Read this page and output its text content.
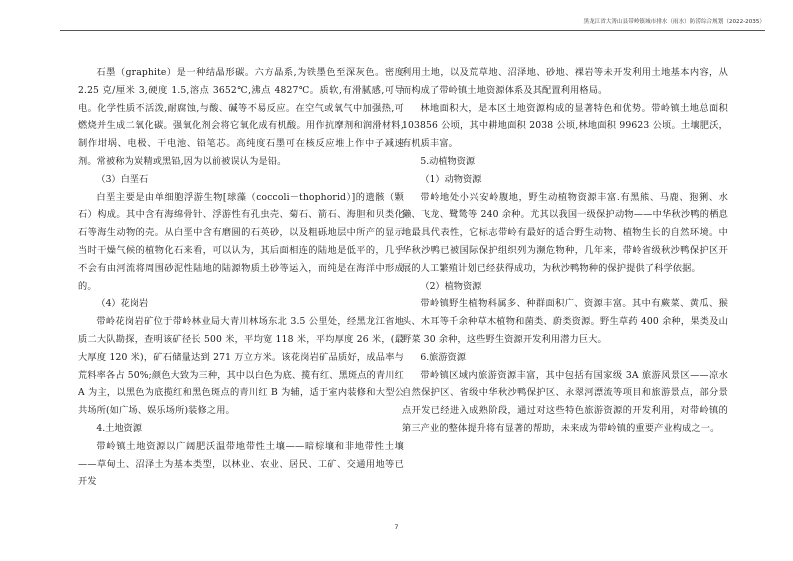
黑龙江省大箐山县带岭镇城市排水（雨水）防涝综合规划（2022-2035）

石墨（graphite）是一种结晶形碳。六方晶系,为铁墨色至深灰色。密度 2.25 克/厘米 3,硬度 1.5,溶点 3652℃,沸点 4827℃。质软,有滑腻感,可导电。化学性质不活泼,耐腐蚀,与酸、碱等不易反应。在空气或氧气中加强热,可燃烧并生成二氧化碳。强氧化剂会将它氧化成有机酸。用作抗摩剂和润滑材料,制作坩埚、电极、干电池、铅笔芯。高纯度石墨可在核反应堆上作中子减速剂。常被称为炭精或黑铅,因为以前被误认为是铅。

（3）白垩石

白垩主要是由单细胞浮游生物[球藻（coccoli－thophorid）]的遗骸（颗石）构成。其中含有海绵骨针、浮游性有孔虫壳、菊石、箭石、海胆和贝类化石等海生动物的壳。从白垩中含有磨圆的石英砂，以及粗砾地层中所产的显示当时干燥气候的植物化石来看，可以认为，其后面相连的陆地是低平的，几乎不会有由河流将周围砂泥性陆地的陆源物质土砂等运入，而纯是在海洋中形成的。

（4）花岗岩

带岭花岗岩矿位于带岭林业局大青川林场东北 3.5 公里处，经黑龙江省地质二大队勘探，查明该矿径长 500 米，平均宽 118 米，平均厚度 26 米，(最大厚度 120 米)，矿石储量达到 271 万立方米。该花岗岩矿品质好，成品率与荒料率各占 50%;颜色大致为三种，其中以白色为底、揽有红、黑斑点的青川红 A 为主，以黑色为底揽红和黑色斑点的青川红 B 为辅，适于室内装修和大型公共场所(如广场、娱乐场所)装修之用。

4.土地资源

带岭镇土地资源以广阔肥沃温带地带性土壤——暗棕壤和非地带性土壤——草甸土、沼泽土为基本类型，以林业、农业、居民、工矿、交通用地等已开发

利用土地，以及荒草地、沼泽地、砂地、裸岩等未开发利用土地基本内容，从而构成了带岭镇土地资源体系及其配置利用格局。

林地面积大，是本区土地资源构成的显著特色和优势。带岭镇土地总面积103856 公顷，其中耕地面积 2038 公顷,林地面积 99623 公顷。土壤肥沃，有机质丰富。

5.动植物资源

（1）动物资源

带岭地处小兴安岭腹地，野生动植物资源丰富.有黑熊、马鹿、狍猁、水獭、飞龙、鹭鸶等 240 余种。尤其以我国一级保护动物——中华秋沙鸭的栖息地最具代表性，它标志带岭有最好的适合野生动物、植物生长的自然环境。中华秋沙鸭已被国际保护组织列为濒危物种，几年来，带岭省级秋沙鸭保护区开展的人工繁殖计划已经获得成功，为秋沙鸭物种的保护提供了科学依据。

（2）植物资源

带岭镇野生植物科属多、种群面积广、资源丰富。其中有蕨菜、黄瓜、猴头、木耳等千余种草木植物和菌类、蔚类资源。野生草药 400 余种，果类及山野菜 30 余种，这些野生资源开发利用潜力巨大。

6.旅游资源

带岭镇区域内旅游资源丰富，其中包括有国家级 3A 旅游风景区——凉水自然保护区、省级中华秋沙鸭保护区、永翠河漂流等项目和旅游景点，部分景点开发已经进入成熟阶段，通过对这些特色旅游资源的开发利用，对带岭镇的第三产业的整体提升将有显著的帮助，未来成为带岭镇的重要产业构成之一。

7
